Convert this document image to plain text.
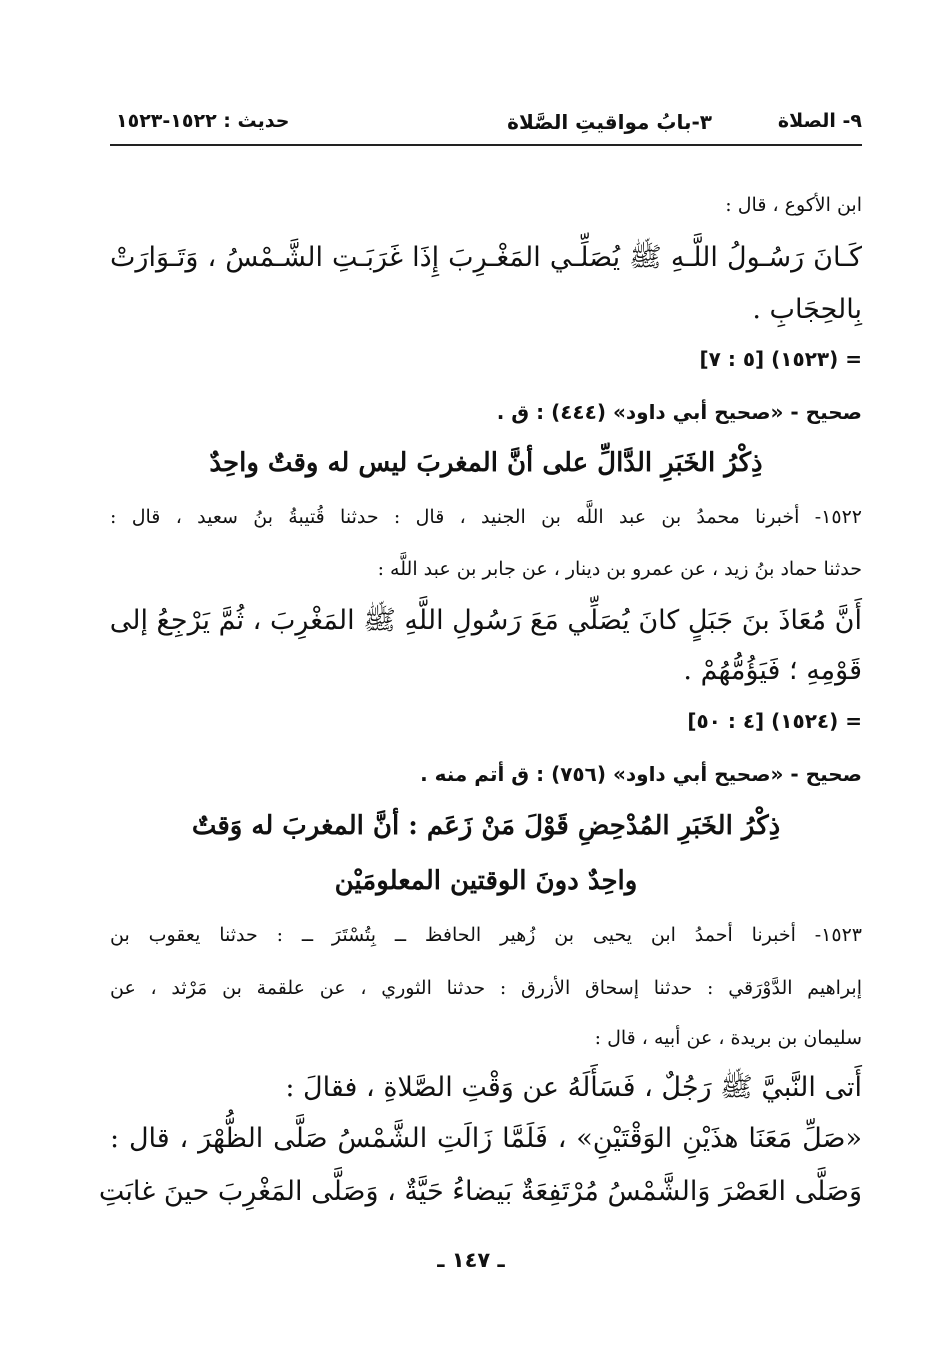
٩- الصلاة
٣-بابُ مواقيتِ الصَّلاة
حديث : ١٥٢٢-١٥٢٣
ابن الأكوع ، قال :
كَـانَ رَسُـولُ اللَّـهِ ﷺ يُصَلِّـي المَغْـرِبَ إِذَا غَرَبَـتِ الشَّـمْسُ ، وَتَـوَارَتْ
بِالحِجَابِ .
= (١٥٢٣) [٥ : ٧]
صحيح - «صحيح أبي داود» (٤٤٤) : ق .
ذِكْرُ الخَبَرِ الدَّالِّ على أنَّ المغربَ ليس له وقتٌ واحِدٌ
١٥٢٢- أخبرنا محمدُ بن عبد اللَّه بن الجنيد ، قال : حدثنا قُتيبةُ بنُ سعيد ، قال :
حدثنا حماد بنُ زيد ، عن عمرو بن دينار ، عن جابر بن عبد اللَّه :
أَنَّ مُعَاذَ بنَ جَبَلٍ كانَ يُصَلِّي مَعَ رَسُولِ اللَّهِ ﷺ المَغْرِبَ ، ثُمَّ يَرْجِعُ إلى
قَوْمِهِ ؛ فَيَؤُمُّهُمْ .
= (١٥٢٤) [٤ : ٥٠]
صحيح - «صحيح أبي داود» (٧٥٦) : ق أتم منه .
ذِكْرُ الخَبَرِ المُدْحِضِ قَوْلَ مَنْ زَعَم : أنَّ المغربَ له وَقتٌ
واحِدٌ دونَ الوقتين المعلومَيْن
١٥٢٣- أخبرنا أحمدُ ابن يحيى بن زُهير الحافظ ــ بِتُسْتَرَ ــ : حدثنا يعقوب بن
إبراهيم الدَّوْرَقي : حدثنا إسحاق الأزرق : حدثنا الثوري ، عن علقمة بن مَرْثد ، عن
سليمان بن بريدة ، عن أبيه ، قال :
أَتى النَّبيَّ ﷺ رَجُلٌ ، فَسَأَلَهُ عن وَقْتِ الصَّلاةِ ، فقالَ :
«صَلِّ مَعَنَا هذَيْنِ الوَقْتَيْنِ» ، فَلَمَّا زَالَتِ الشَّمْسُ صَلَّى الظُّهْرَ ، قال :
وَصَلَّى العَصْرَ وَالشَّمْسُ مُرْتَفِعَةٌ بَيضاءُ حَيَّةٌ ، وَصَلَّى المَغْرِبَ حينَ غابَتِ
ـ ١٤٧ ـ
